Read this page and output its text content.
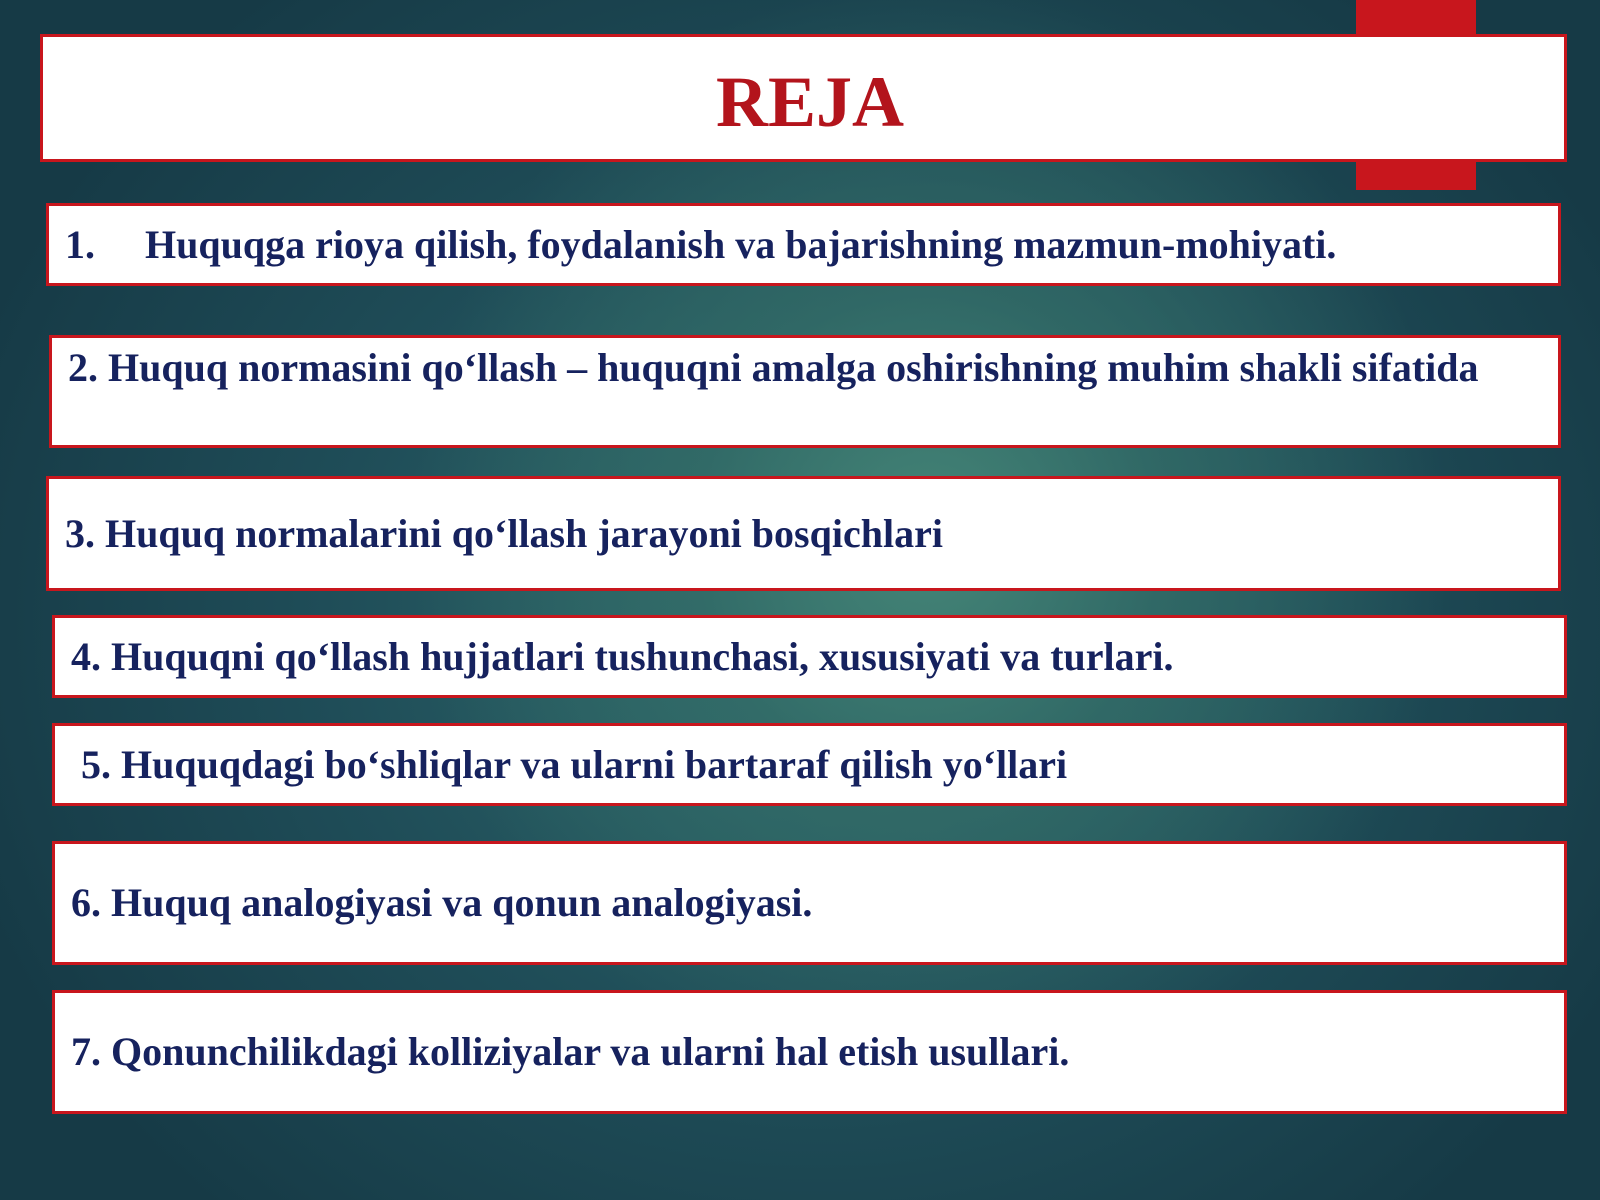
REJA
1.	Huquqga rioya qilish, foydalanish va bajarishning mazmun-mohiyati.
2. Huquq normasini qo‘llash – huquqni amalga oshirishning muhim shakli sifatida
3. Huquq normalarini qo‘llash jarayoni bosqichlari
4. Huquqni qo‘llash hujjatlari tushunchasi, xususiyati va turlari.
5. Huquqdagi bo‘shliqlar va ularni bartaraf qilish yo‘llari
6. Huquq analogiyasi va qonun analogiyasi.
7. Qonunchilikdagi kolliziyalar va ularni hal etish usullari.
